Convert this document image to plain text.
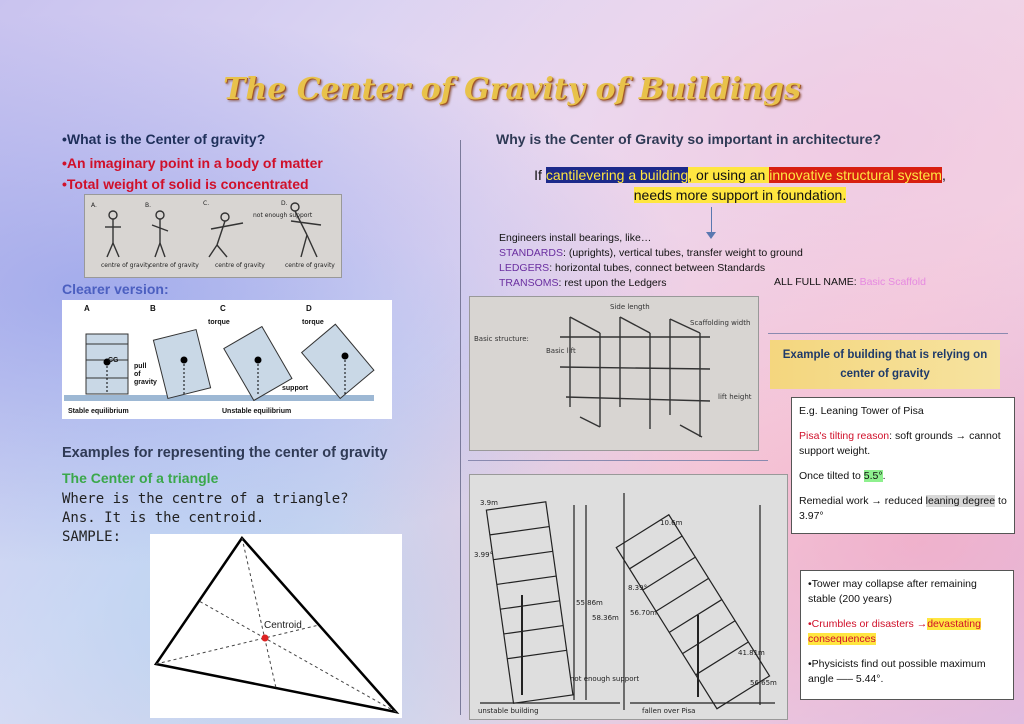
The Center of Gravity of Buildings
•What is the Center of gravity?
•An imaginary point in a body of matter
•Total weight of solid is concentrated
A.	B.	C.	D.
centre of gravity
centre of gravity	centre of gravity
not enough support
centre of gravity
Clearer version:
A	B	C	D
CG
pull
of
gravity
torque	torque
support
Stable equilibrium	Unstable equilibrium
Examples for representing the center of gravity
The Center of a triangle
Where is the centre of a triangle?
Ans. It is the centroid.
SAMPLE:
Centroid
Why is the Center of Gravity so important in architecture?
If cantilevering a building, or using an innovative structural system,
needs more support in foundation.
Engineers install bearings, like…
STANDARDS: (uprights), vertical tubes, transfer weight to ground
LEDGERS: horizontal tubes, connect between Standards
TRANSOMS: rest upon the Ledgers	ALL FULL NAME: Basic Scaffold
Basic structure:
Side length
Scaffolding width
Basic lift
lift height
Example of building that is relying on center of gravity
E.g. Leaning Tower of Pisa
Pisa's tilting reason: soft grounds → cannot support weight.
Once tilted to 5.5°.
Remedial work → reduced leaning degree to 3.97°
•Tower may collapse after remaining stable (200 years)
•Crumbles or disasters →devastating consequences
•Physicists find out possible maximum angle —– 5.44°.
3.9m
3.99°
55.86m
58.36m
unstable building
not enough support
10.6m
8.39°
56.70m
41.81m
56.65m
fallen over Pisa
